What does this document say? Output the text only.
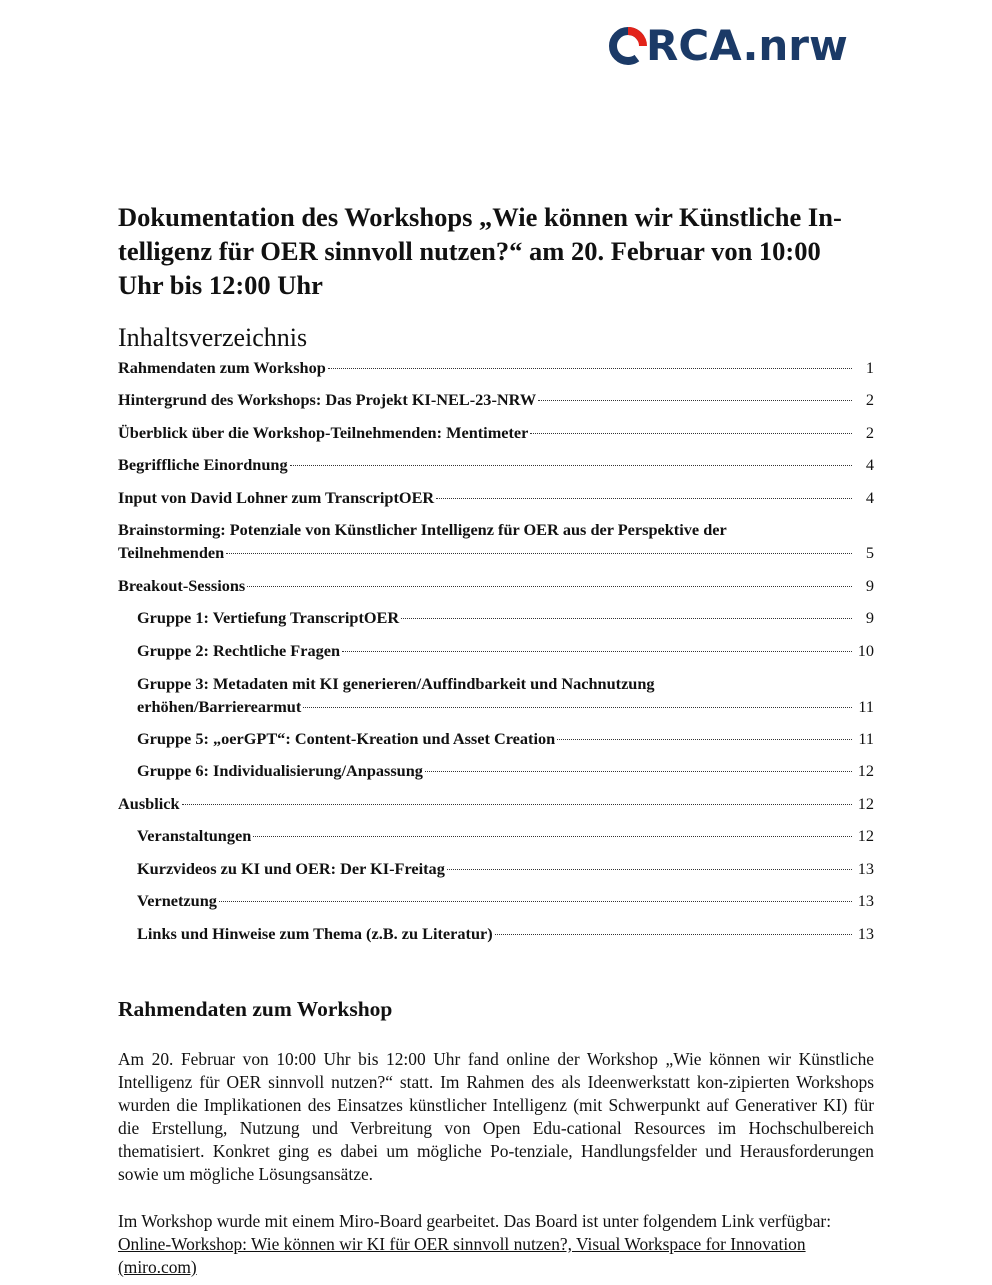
RCA.nrw
Dokumentation des Workshops „Wie können wir Künstliche In-
telligenz für OER sinnvoll nutzen?“ am 20. Februar von 10:00
Uhr bis 12:00 Uhr
Inhaltsverzeichnis
Rahmendaten zum Workshop	1
Hintergrund des Workshops: Das Projekt KI-NEL-23-NRW	2
Überblick über die Workshop-Teilnehmenden: Mentimeter	2
Begriffliche Einordnung	4
Input von David Lohner zum TranscriptOER	4
Brainstorming: Potenziale von Künstlicher Intelligenz für OER aus der Perspektive der
Teilnehmenden	5
Breakout-Sessions	9
Gruppe 1: Vertiefung TranscriptOER	9
Gruppe 2: Rechtliche Fragen	10
Gruppe 3: Metadaten mit KI generieren/Auffindbarkeit und Nachnutzung
erhöhen/Barrierearmut	11
Gruppe 5: „oerGPT“: Content-Kreation und Asset Creation	11
Gruppe 6: Individualisierung/Anpassung	12
Ausblick	12
Veranstaltungen	12
Kurzvideos zu KI und OER: Der KI-Freitag	13
Vernetzung	13
Links und Hinweise zum Thema (z.B. zu Literatur)	13
Rahmendaten zum Workshop

Am 20. Februar von 10:00 Uhr bis 12:00 Uhr fand online der Workshop „Wie können wir Künstliche Intelligenz für OER sinnvoll nutzen?“ statt. Im Rahmen des als Ideenwerkstatt kon-zipierten Workshops wurden die Implikationen des Einsatzes künstlicher Intelligenz (mit Schwerpunkt auf Generativer KI) für die Erstellung, Nutzung und Verbreitung von Open Edu-cational Resources im Hochschulbereich thematisiert. Konkret ging es dabei um mögliche Po-tenziale, Handlungsfelder und Herausforderungen sowie um mögliche Lösungsansätze.

Im Workshop wurde mit einem Miro-Board gearbeitet. Das Board ist unter folgendem Link verfügbar: Online-Workshop: Wie können wir KI für OER sinnvoll nutzen?, Visual Workspace for Innovation (miro.com)
